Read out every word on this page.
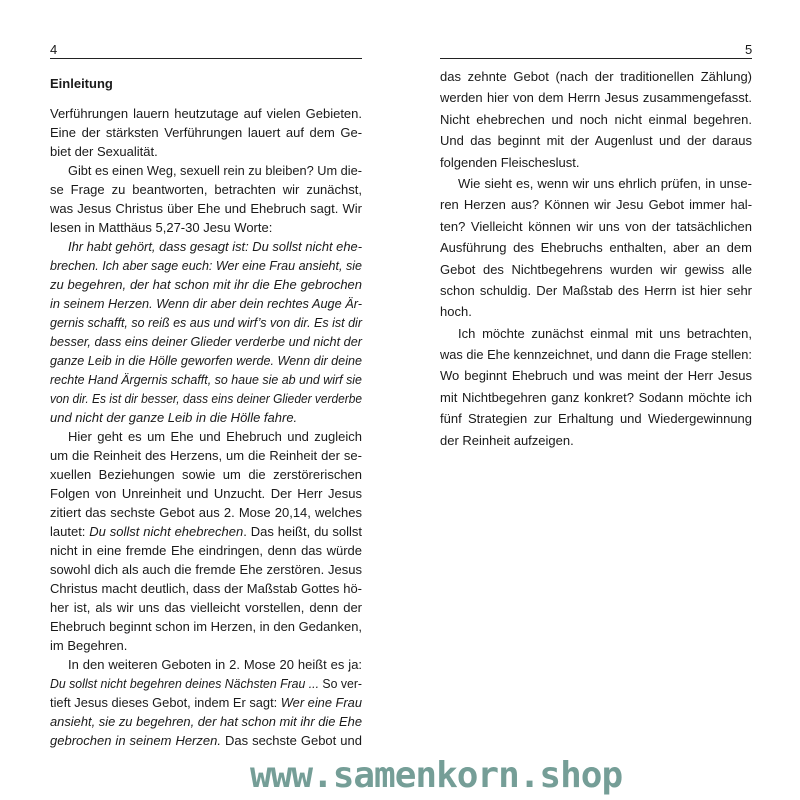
4
Einleitung
Verführungen lauern heutzutage auf vielen Gebieten.
Eine der stärksten Verführungen lauert auf dem Ge-
biet der Sexualität.
Gibt es einen Weg, sexuell rein zu bleiben? Um die-
se Frage zu beantworten, betrachten wir zunächst,
was Jesus Christus über Ehe und Ehebruch sagt. Wir
lesen in Matthäus 5,27-30 Jesu Worte:
Ihr habt gehört, dass gesagt ist: Du sollst nicht ehe-
brechen. Ich aber sage euch: Wer eine Frau ansieht, sie
zu begehren, der hat schon mit ihr die Ehe gebrochen
in seinem Herzen. Wenn dir aber dein rechtes Auge Är-
gernis schafft, so reiß es aus und wirf’s von dir. Es ist dir
besser, dass eins deiner Glieder verderbe und nicht der
ganze Leib in die Hölle geworfen werde. Wenn dir deine
rechte Hand Ärgernis schafft, so haue sie ab und wirf sie
von dir. Es ist dir besser, dass eins deiner Glieder verderbe
und nicht der ganze Leib in die Hölle fahre.
Hier geht es um Ehe und Ehebruch und zugleich
um die Reinheit des Herzens, um die Reinheit der se-
xuellen Beziehungen sowie um die zerstörerischen
Folgen von Unreinheit und Unzucht. Der Herr Jesus
zitiert das sechste Gebot aus 2. Mose 20,14, welches
lautet: Du sollst nicht ehebrechen. Das heißt, du sollst
nicht in eine fremde Ehe eindringen, denn das würde
sowohl dich als auch die fremde Ehe zerstören. Jesus
Christus macht deutlich, dass der Maßstab Gottes hö-
her ist, als wir uns das vielleicht vorstellen, denn der
Ehebruch beginnt schon im Herzen, in den Gedanken,
im Begehren.
In den weiteren Geboten in 2. Mose 20 heißt es ja:
Du sollst nicht begehren deines Nächsten Frau ... So ver-
tieft Jesus dieses Gebot, indem Er sagt: Wer eine Frau
ansieht, sie zu begehren, der hat schon mit ihr die Ehe
gebrochen in seinem Herzen. Das sechste Gebot und
5
das zehnte Gebot (nach der traditionellen Zählung)
werden hier von dem Herrn Jesus zusammengefasst.
Nicht ehebrechen und noch nicht einmal begehren.
Und das beginnt mit der Augenlust und der daraus
folgenden Fleischeslust.
Wie sieht es, wenn wir uns ehrlich prüfen, in unse-
ren Herzen aus? Können wir Jesu Gebot immer hal-
ten? Vielleicht können wir uns von der tatsächlichen
Ausführung des Ehebruchs enthalten, aber an dem
Gebot des Nichtbegehrens wurden wir gewiss alle
schon schuldig. Der Maßstab des Herrn ist hier sehr
hoch.
Ich möchte zunächst einmal mit uns betrachten,
was die Ehe kennzeichnet, und dann die Frage stellen:
Wo beginnt Ehebruch und was meint der Herr Jesus
mit Nichtbegehren ganz konkret? Sodann möchte ich
fünf Strategien zur Erhaltung und Wiedergewinnung
der Reinheit aufzeigen.
www.samenkorn.shop
